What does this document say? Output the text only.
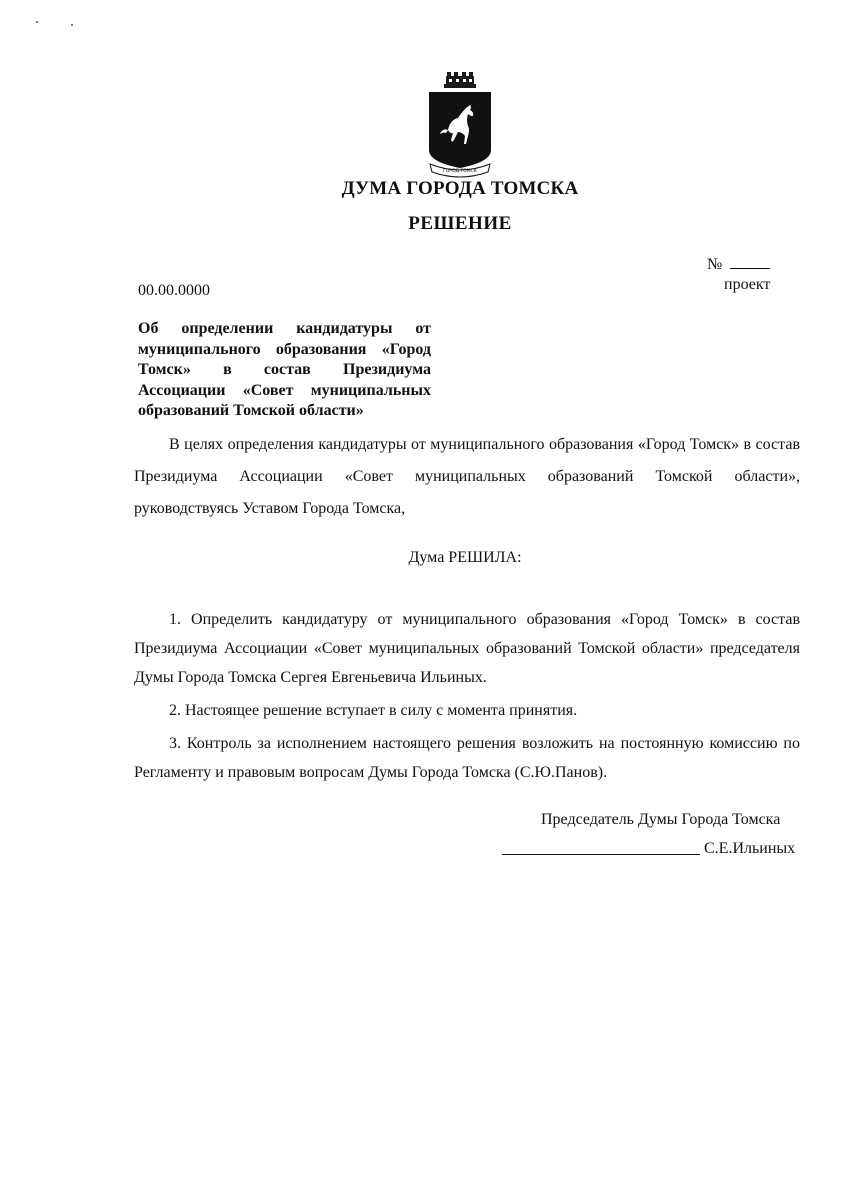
ГОРОД ТОМСК
ДУМА ГОРОДА ТОМСКА
РЕШЕНИЕ
№
проект
00.00.0000
Об определении кандидатуры от муниципального образования «Город Томск» в состав Президиума Ассоциации «Совет муниципальных образований Томской области»
В целях определения кандидатуры от муниципального образования «Город Томск» в состав Президиума Ассоциации «Совет муниципальных образований Томской области», руководствуясь Уставом Города Томска,
Дума РЕШИЛА:

1. Определить кандидатуру от муниципального образования «Город Томск» в состав Президиума Ассоциации «Совет муниципальных образований Томской области» председателя Думы Города Томска Сергея Евгеньевича Ильиных.

2. Настоящее решение вступает в силу с момента принятия.

3. Контроль за исполнением настоящего решения возложить на постоянную комиссию по Регламенту и правовым вопросам Думы Города Томска (С.Ю.Панов).

Председатель Думы Города Томска
С.Е.Ильиных
